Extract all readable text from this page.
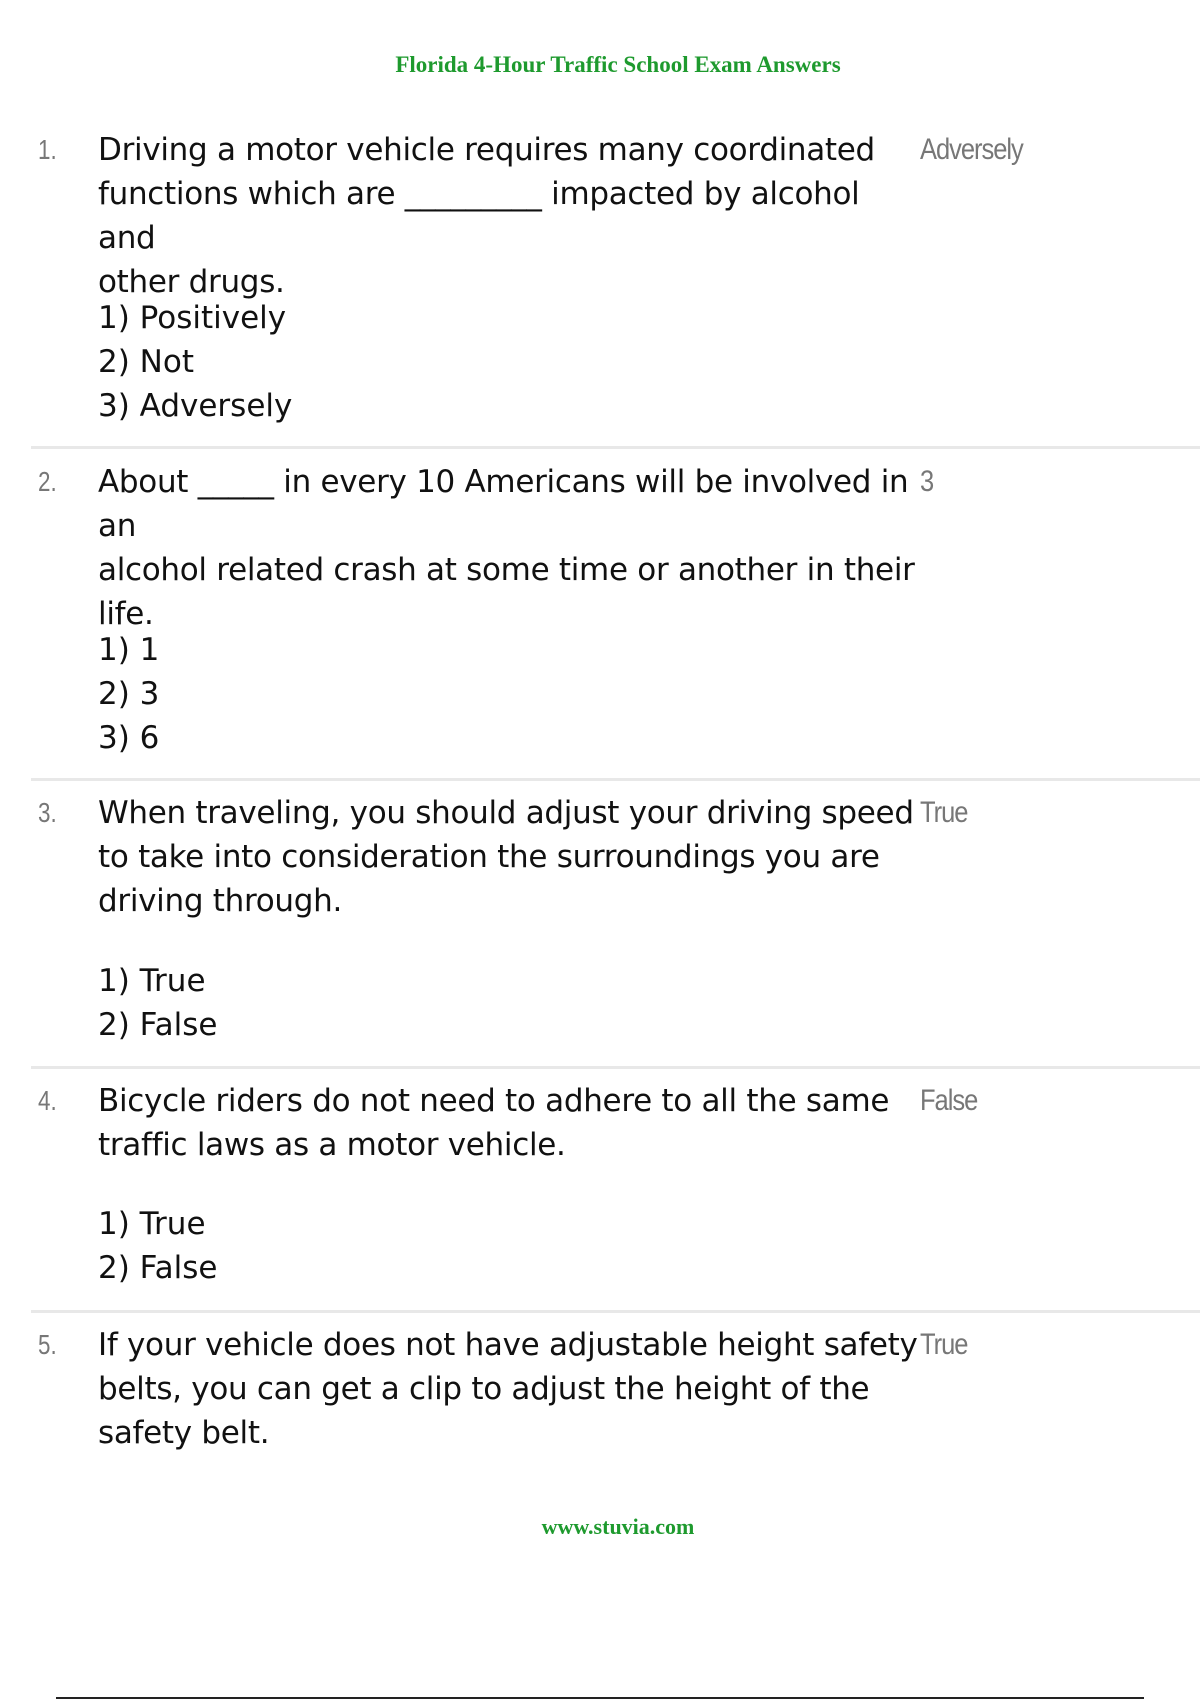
Florida 4-Hour Traffic School Exam Answers
1. Driving a motor vehicle requires many coordinated
functions which are _________ impacted by alcohol and
other drugs.
Adversely
1) Positively
2) Not
3) Adversely
2. About _____ in every 10 Americans will be involved in an
alcohol related crash at some time or another in their
life.
3
1) 1
2) 3
3) 6
3. When traveling, you should adjust your driving speed
to take into consideration the surroundings you are
driving through.
True
1) True
2) False
4. Bicycle riders do not need to adhere to all the same
traffic laws as a motor vehicle.
False
1) True
2) False
5. If your vehicle does not have adjustable height safety
belts, you can get a clip to adjust the height of the
safety belt.
True
www.stuvia.com
